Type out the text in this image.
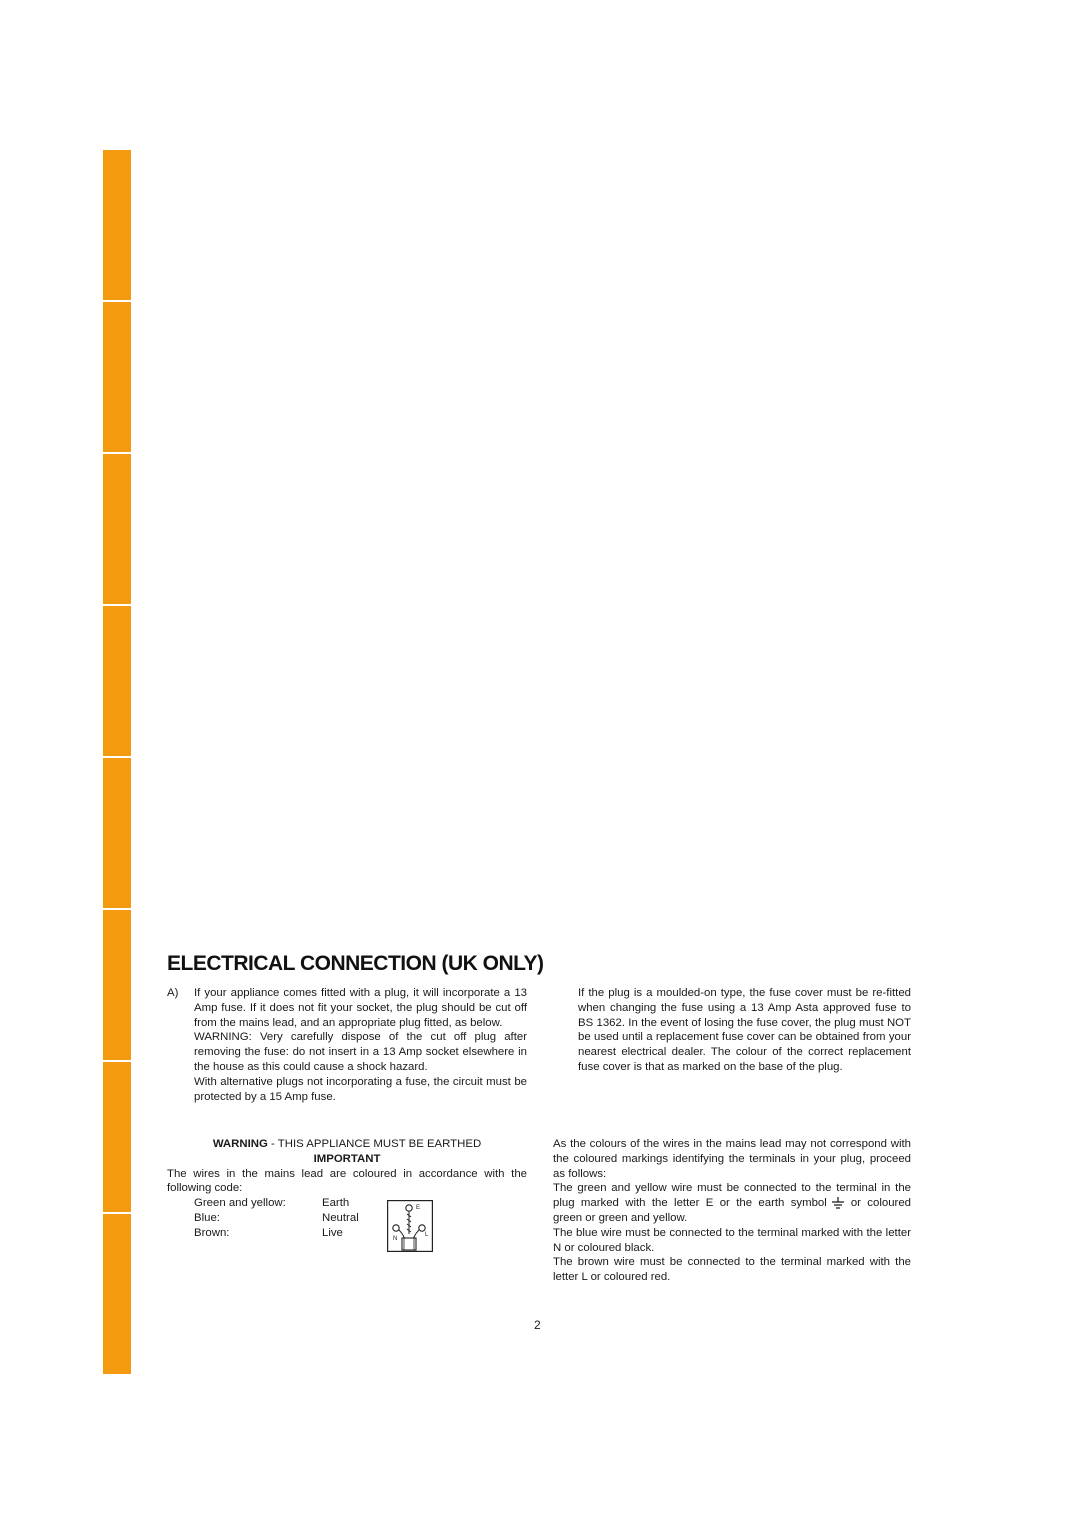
ELECTRICAL CONNECTION (UK ONLY)
A)	If your appliance comes fitted with a plug, it will incorporate a 13 Amp fuse. If it does not fit your socket, the plug should be cut off from the mains lead, and an appropriate plug fitted, as below.

WARNING: Very carefully dispose of the cut off plug after removing the fuse: do not insert in a 13 Amp socket elsewhere in the house as this could cause a shock hazard.

With alternative plugs not incorporating a fuse, the circuit must be protected by a 15 Amp fuse.

If the plug is a moulded-on type, the fuse cover must be re-fitted when changing the fuse using a 13 Amp Asta approved fuse to BS 1362. In the event of losing the fuse cover, the plug must NOT be used until a replacement fuse cover can be obtained from your nearest electrical dealer. The colour of the correct replacement fuse cover is that as marked on the base of the plug.

WARNING - THIS APPLIANCE MUST BE EARTHED

IMPORTANT

The wires in the mains lead are coloured in accordance with the following code:

Green and yellow:	Earth
Blue:	Neutral
Brown:	Live
E
N
L

As the colours of the wires in the mains lead may not correspond with the coloured markings identifying the terminals in your plug, proceed as follows:

The green and yellow wire must be connected to the terminal in the plug marked with the letter E or the earth symbol or coloured green or green and yellow.

The blue wire must be connected to the terminal marked with the letter N or coloured black.

The brown wire must be connected to the terminal marked with the letter L or coloured red.

2
